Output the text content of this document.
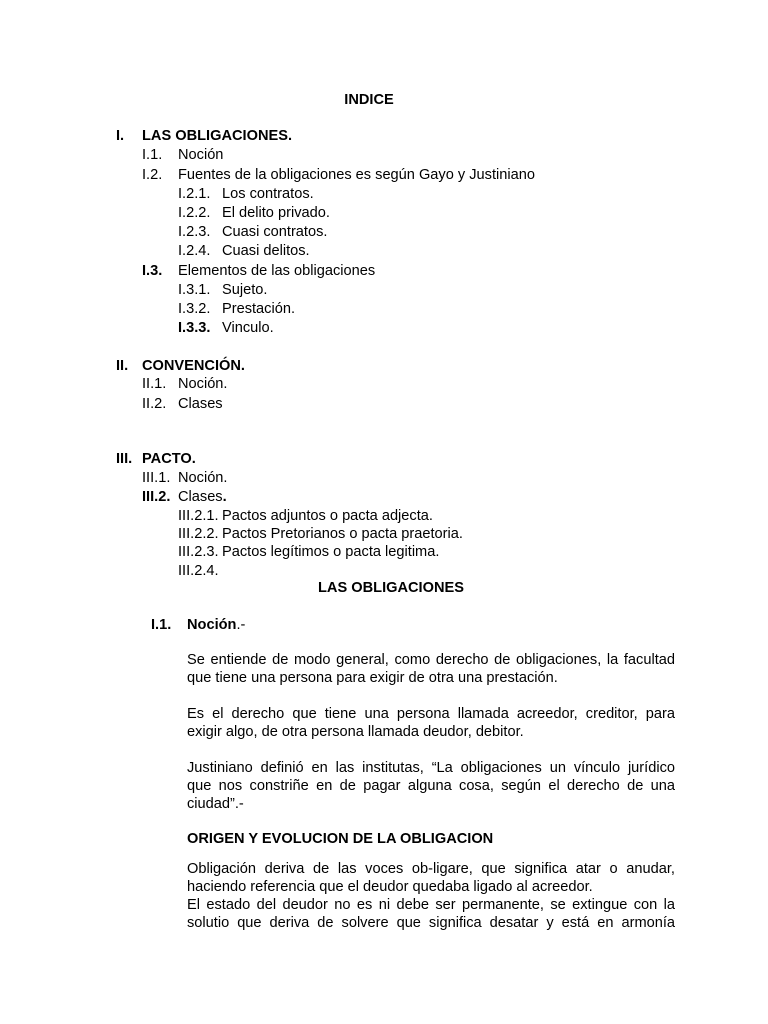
INDICE
I. LAS OBLIGACIONES.
I.1. Noción
I.2. Fuentes de la obligaciones es según Gayo y Justiniano
I.2.1. Los contratos.
I.2.2. El delito privado.
I.2.3. Cuasi contratos.
I.2.4. Cuasi delitos.
I.3. Elementos de las obligaciones
I.3.1. Sujeto.
I.3.2. Prestación.
I.3.3. Vinculo.
II. CONVENCIÓN.
II.1. Noción.
II.2. Clases
III. PACTO.
III.1. Noción.
III.2. Clases.
III.2.1. Pactos adjuntos o pacta adjecta.
III.2.2. Pactos Pretorianos o pacta praetoria.
III.2.3. Pactos legítimos o pacta legitima.
III.2.4.
LAS OBLIGACIONES
I.1. Noción.-
Se entiende de modo general, como derecho de obligaciones, la facultad
que tiene una persona para exigir de otra una prestación.
Es el derecho que tiene una persona llamada acreedor, creditor, para
exigir algo, de otra persona llamada deudor, debitor.
Justiniano definió en las institutas, “La obligaciones un vínculo jurídico
que nos constriñe en de pagar alguna cosa, según el derecho de una
ciudad”.-
ORIGEN Y EVOLUCION DE LA OBLIGACION
Obligación deriva de las voces ob-ligare, que significa atar o anudar,
haciendo referencia que el deudor quedaba ligado al acreedor.
El estado del deudor no es ni debe ser permanente, se extingue con la
solutio que deriva de solvere que significa desatar y está en armonía
